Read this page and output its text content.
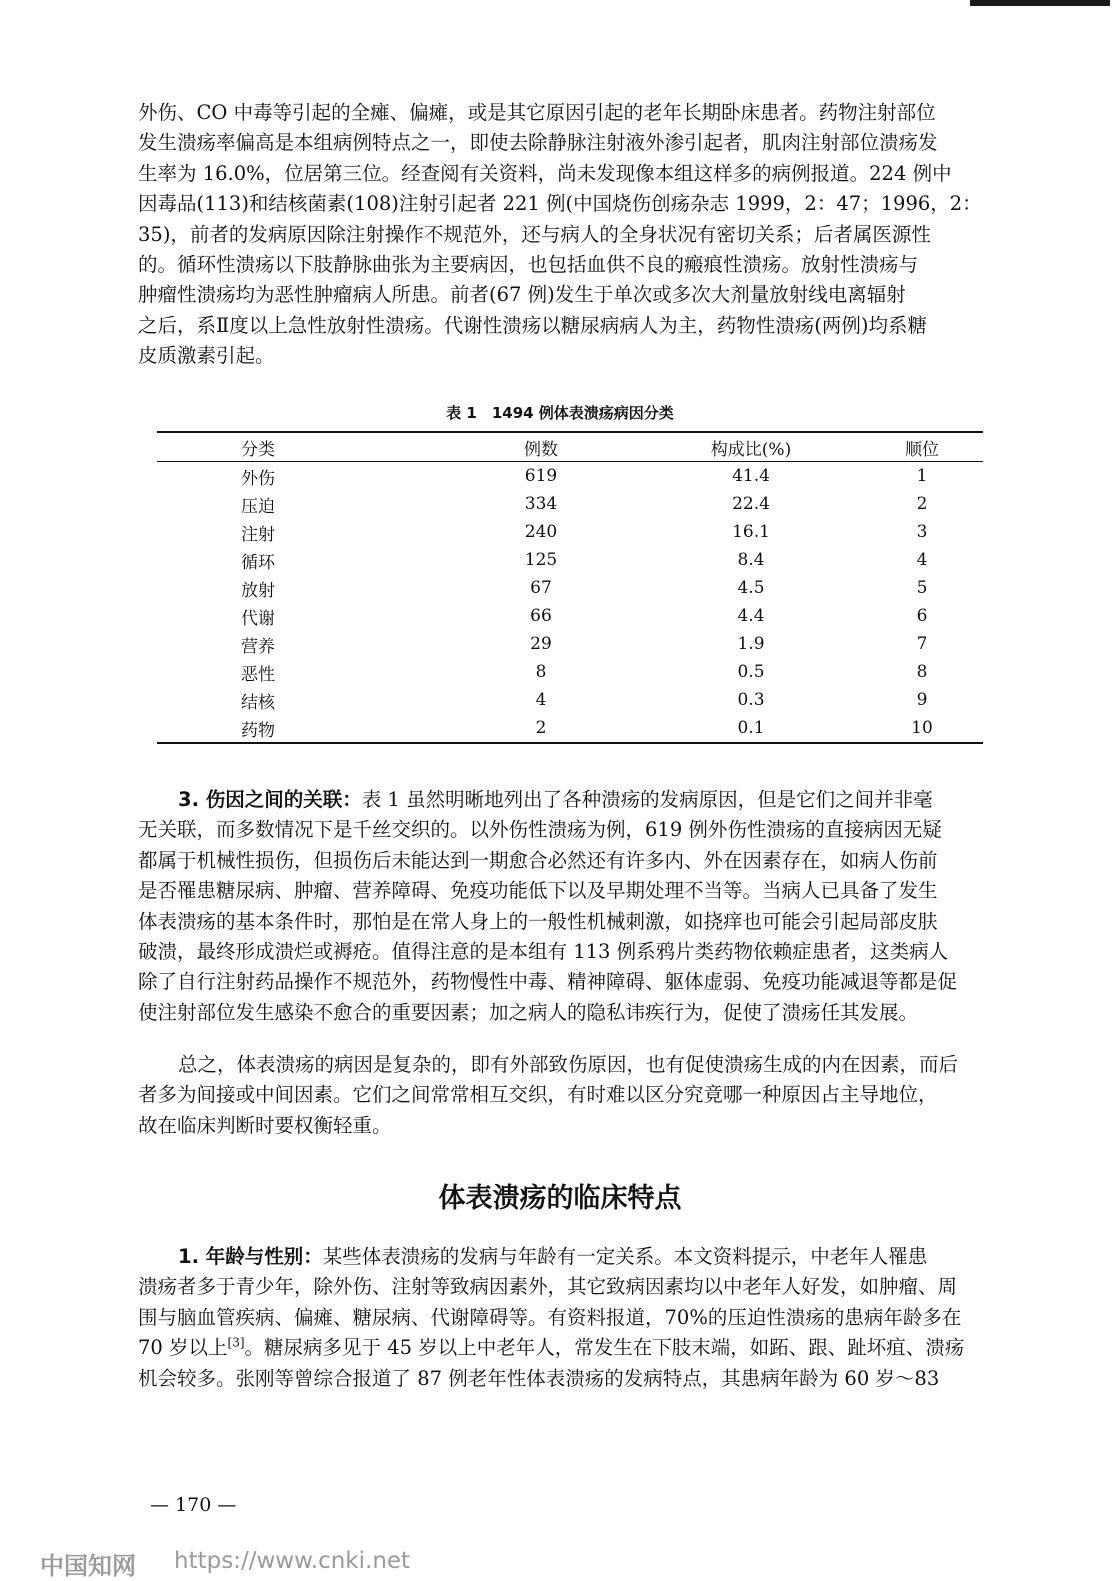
外伤、CO 中毒等引起的全瘫、偏瘫，或是其它原因引起的老年长期卧床患者。药物注射部位
发生溃疡率偏高是本组病例特点之一，即使去除静脉注射液外渗引起者，肌肉注射部位溃疡发
生率为 16.0%，位居第三位。经查阅有关资料，尚未发现像本组这样多的病例报道。224 例中
因毒品(113)和结核菌素(108)注射引起者 221 例(中国烧伤创疡杂志 1999，2：47；1996，2：
35)，前者的发病原因除注射操作不规范外，还与病人的全身状况有密切关系；后者属医源性
的。循环性溃疡以下肢静脉曲张为主要病因，也包括血供不良的瘢痕性溃疡。放射性溃疡与
肿瘤性溃疡均为恶性肿瘤病人所患。前者(67 例)发生于单次或多次大剂量放射线电离辐射
之后，系Ⅱ度以上急性放射性溃疡。代谢性溃疡以糖尿病病人为主，药物性溃疡(两例)均系糖
皮质激素引起。
表 1　1494 例体表溃疡病因分类
分类	例数	构成比(%)	顺位
外伤	619	41.4	1
压迫	334	22.4	2
注射	240	16.1	3
循环	125	8.4	4
放射	67	4.5	5
代谢	66	4.4	6
营养	29	1.9	7
恶性	8	0.5	8
结核	4	0.3	9
药物	2	0.1	10
3. 伤因之间的关联：表 1 虽然明晰地列出了各种溃疡的发病原因，但是它们之间并非毫
无关联，而多数情况下是千丝交织的。以外伤性溃疡为例，619 例外伤性溃疡的直接病因无疑
都属于机械性损伤，但损伤后未能达到一期愈合必然还有许多内、外在因素存在，如病人伤前
是否罹患糖尿病、肿瘤、营养障碍、免疫功能低下以及早期处理不当等。当病人已具备了发生
体表溃疡的基本条件时，那怕是在常人身上的一般性机械刺激，如挠痒也可能会引起局部皮肤
破溃，最终形成溃烂或褥疮。值得注意的是本组有 113 例系鸦片类药物依赖症患者，这类病人
除了自行注射药品操作不规范外，药物慢性中毒、精神障碍、躯体虚弱、免疫功能减退等都是促
使注射部位发生感染不愈合的重要因素；加之病人的隐私讳疾行为，促使了溃疡任其发展。
总之，体表溃疡的病因是复杂的，即有外部致伤原因，也有促使溃疡生成的内在因素，而后
者多为间接或中间因素。它们之间常常相互交织，有时难以区分究竟哪一种原因占主导地位，
故在临床判断时要权衡轻重。
体表溃疡的临床特点
1. 年龄与性别：某些体表溃疡的发病与年龄有一定关系。本文资料提示，中老年人罹患
溃疡者多于青少年，除外伤、注射等致病因素外，其它致病因素均以中老年人好发，如肿瘤、周
围与脑血管疾病、偏瘫、糖尿病、代谢障碍等。有资料报道，70%的压迫性溃疡的患病年龄多在
70 岁以上[3]。糖尿病多见于 45 岁以上中老年人，常发生在下肢末端，如跖、跟、趾坏疽、溃疡
机会较多。张刚等曾综合报道了 87 例老年性体表溃疡的发病特点，其患病年龄为 60 岁～83
— 170 —
中国知网 https://www.cnki.net
